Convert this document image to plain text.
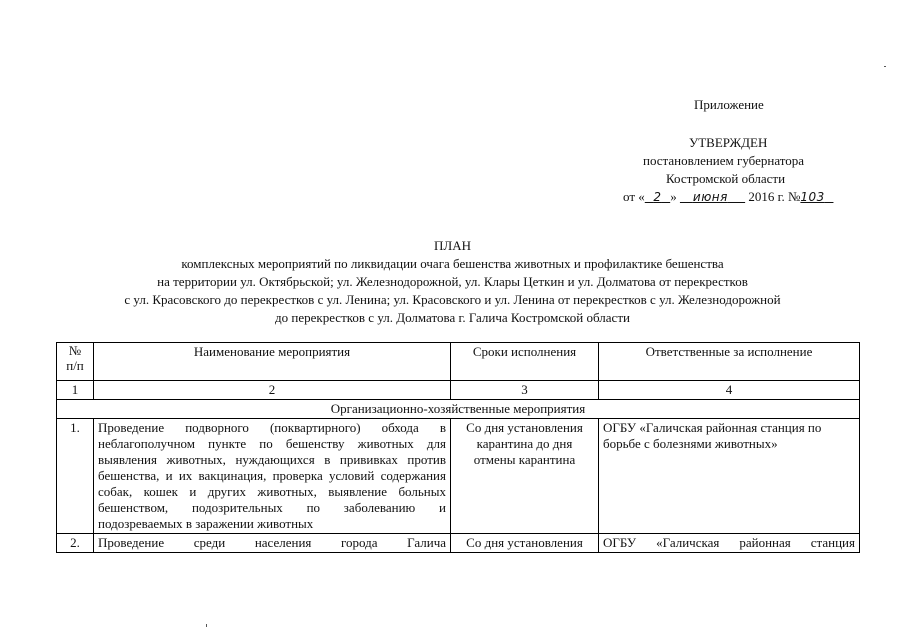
Приложение
УТВЕРЖДЕН
постановлением губернатора
Костромской области
от « 2 » июня 2016 г. №103
ПЛАН
комплексных мероприятий по ликвидации очага бешенства животных и профилактике бешенства
на территории ул. Октябрьской; ул. Железнодорожной, ул. Клары Цеткин и ул. Долматова от перекрестков
с ул. Красовского до перекрестков с ул. Ленина; ул. Красовского и ул. Ленина от перекрестков с ул. Железнодорожной
до перекрестков с ул. Долматова г. Галича Костромской области
№ п/п	Наименование мероприятия	Сроки исполнения	Ответственные за исполнение
1	2	3	4
Организационно-хозяйственные мероприятия			
1.	Проведение подворного (поквартирного) обхода в неблагополучном пункте по бешенству животных для выявления животных, нуждающихся в прививках против бешенства, и их вакцинация, проверка условий содержания собак, кошек и других животных, выявление больных бешенством, подозрительных по заболеванию и подозреваемых в заражении животных	Со дня установления карантина до дня отмены карантина	ОГБУ «Галичская районная станция по борьбе с болезнями животных»
2.	Проведение среди населения города Галича	Со дня установления	ОГБУ «Галичская районная станция
